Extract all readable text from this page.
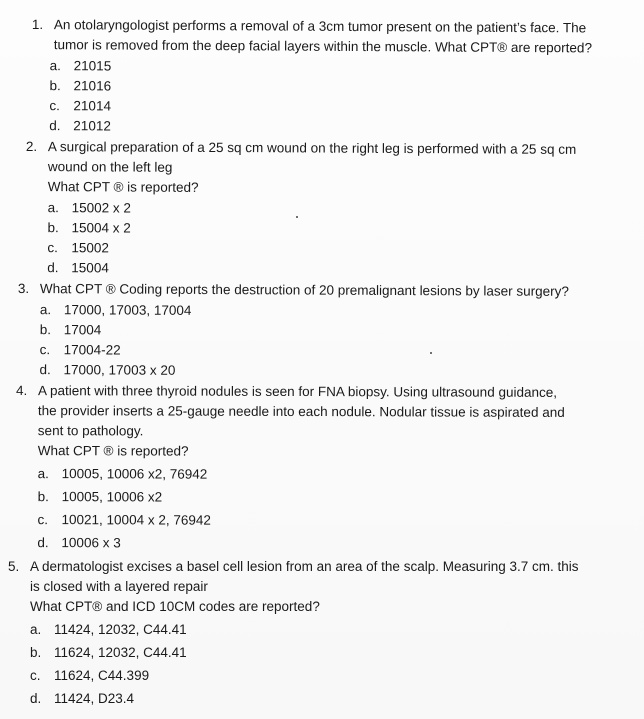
1. An otolaryngologist performs a removal of a 3cm tumor present on the patient’s face. The
tumor is removed from the deep facial layers within the muscle. What CPT® are reported?
a. 21015
b. 21016
c. 21014
d. 21012
2. A surgical preparation of a 25 sq cm wound on the right leg is performed with a 25 sq cm
wound on the left leg
What CPT ® is reported?
a. 15002 x 2
b. 15004 x 2
c. 15002
d. 15004
3. What CPT ® Coding reports the destruction of 20 premalignant lesions by laser surgery?
a. 17000, 17003, 17004
b. 17004
c. 17004-22
d. 17000, 17003 x 20
4. A patient with three thyroid nodules is seen for FNA biopsy. Using ultrasound guidance,
the provider inserts a 25-gauge needle into each nodule. Nodular tissue is aspirated and
sent to pathology.
What CPT ® is reported?
a. 10005, 10006 x2, 76942
b. 10005, 10006 x2
c. 10021, 10004 x 2, 76942
d. 10006 x 3
5. A dermatologist excises a basel cell lesion from an area of the scalp. Measuring 3.7 cm. this
is closed with a layered repair
What CPT® and ICD 10CM codes are reported?
a. 11424, 12032, C44.41
b. 11624, 12032, C44.41
c. 11624, C44.399
d. 11424, D23.4
